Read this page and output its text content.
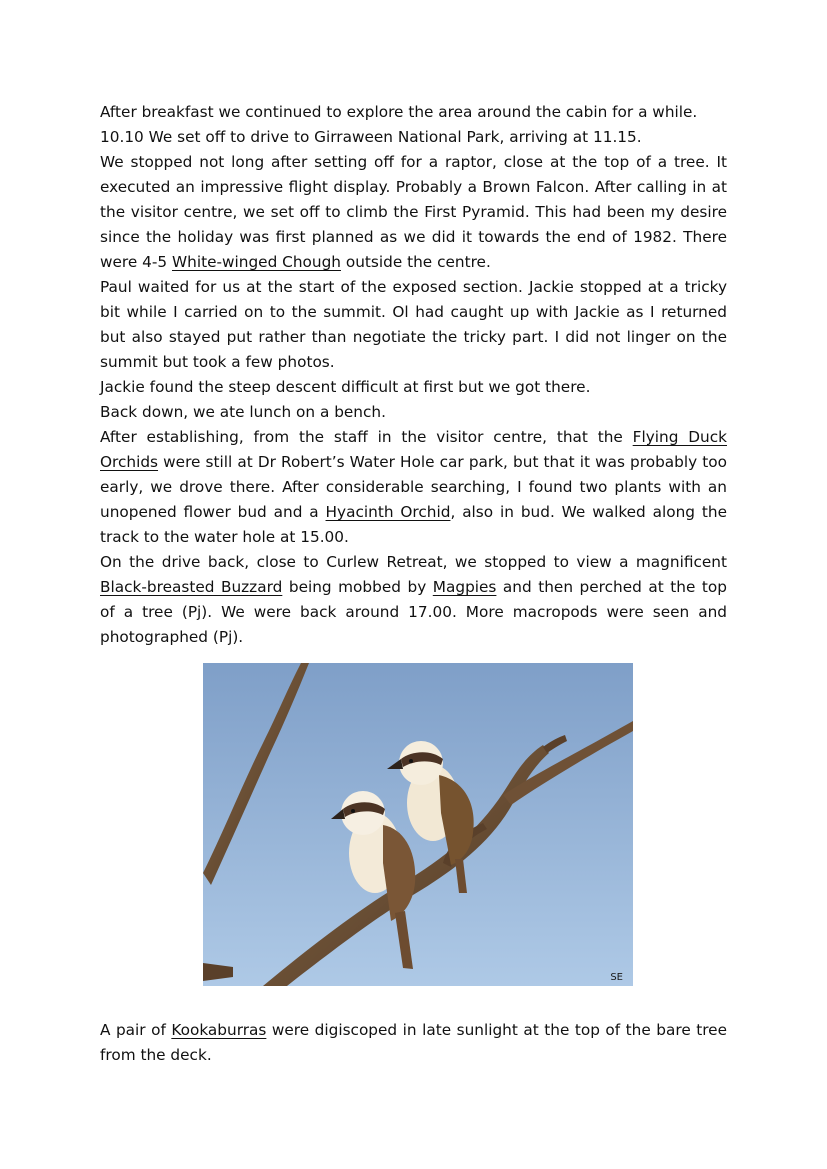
After breakfast we continued to explore the area around the cabin for a while.

10.10 We set off to drive to Girraween National Park, arriving at 11.15.

We stopped not long after setting off for a raptor, close at the top of a tree. It executed an impressive flight display. Probably a Brown Falcon. After calling in at the visitor centre, we set off to climb the First Pyramid. This had been my desire since the holiday was first planned as we did it towards the end of 1982. There were 4-5 White-winged Chough outside the centre.

Paul waited for us at the start of the exposed section. Jackie stopped at a tricky bit while I carried on to the summit. Ol had caught up with Jackie as I returned but also stayed put rather than negotiate the tricky part. I did not linger on the summit but took a few photos.

Jackie found the steep descent difficult at first but we got there.

Back down, we ate lunch on a bench.

After establishing, from the staff in the visitor centre, that the Flying Duck Orchids were still at Dr Robert’s Water Hole car park, but that it was probably too early, we drove there. After considerable searching, I found two plants with an unopened flower bud and a Hyacinth Orchid, also in bud. We walked along the track to the water hole at 15.00.

On the drive back, close to Curlew Retreat, we stopped to view a magnificent Black-breasted Buzzard being mobbed by Magpies and then perched at the top of a tree (Pj). We were back around 17.00. More macropods were seen and photographed (Pj).

SE

A pair of Kookaburras were digiscoped in late sunlight at the top of the bare tree from the deck.
